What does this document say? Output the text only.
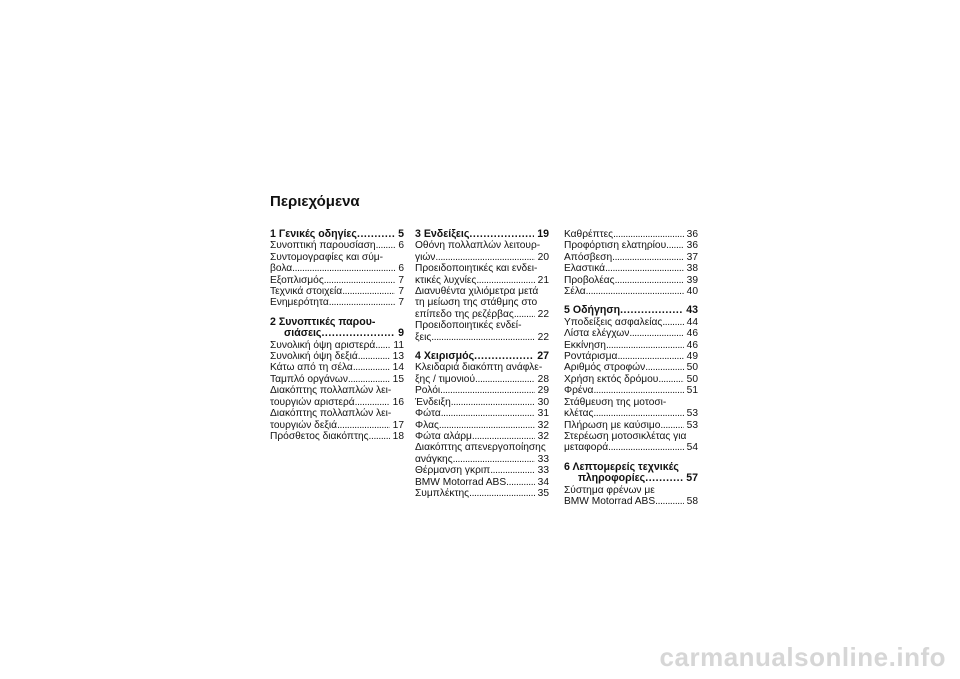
Περιεχόμενα
1 Γενικές οδηγίες . . .	5
Συνοπτική παρουσίαση . . . 6
Συντομογραφίες και σύμ-
βολα . . .	6
Εξοπλισμός . . .	7
Τεχνικά στοιχεία . . .	7
Ενημερότητα . . .	7
2 Συνοπτικές παρου-
σιάσεις . . .	9
Συνολική όψη αριστερά . . . 11
Συνολική όψη δεξιά . . .	13
Κάτω από τη σέλα . . .	14
Ταμπλό οργάνων . . .	15
Διακόπτης πολλαπλών λει-
τουργιών αριστερά . . .	16
Διακόπτης πολλαπλών λει-
τουργιών δεξιά . . .	17
Πρόσθετος διακόπτης . . . 18
3 Ενδείξεις . . .	19
Οθόνη πολλαπλών λειτουρ-
γιών . . .	20
Προειδοποιητικές και ενδει-
κτικές λυχνίες . . .	21
Διανυθέντα χιλιόμετρα μετά
τη μείωση της στάθμης στο
επίπεδο της ρεζέρβας . . . 22
Προειδοποιητικές ενδεί-
ξεις . . .	22
4 Χειρισμός . . .	27
Κλειδαριά διακόπτη ανάφλε-
ξης / τιμονιού . . .	28
Ρολόι . . .	29
Ένδειξη . . .	30
Φώτα . . .	31
Φλας . . .	32
Φώτα αλάρμ . . .	32
Διακόπτης απενεργοποίησης
ανάγκης . . .	33
Θέρμανση γκριπ . . .	33
BMW Motorrad ABS . . .	34
Συμπλέκτης . . .	35
Καθρέπτες . . .	36
Προφόρτιση ελατηρίου . . . 36
Απόσβεση . . .	37
Ελαστικά . . .	38
Προβολέας . . .	39
Σέλα . . .	40
5 Οδήγηση . . .	43
Υποδείξεις ασφαλείας . . . 44
Λίστα ελέγχων . . .	46
Εκκίνηση . . .	46
Ροντάρισμα . . .	49
Αριθμός στροφών . . .	50
Χρήση εκτός δρόμου . . .	50
Φρένα . . .	51
Στάθμευση της μοτοσι-
κλέτας . . .	53
Πλήρωση με καύσιμο . . .	53
Στερέωση μοτοσικλέτας για
μεταφορά . . .	54
6 Λεπτομερείς τεχνικές
πληροφορίες . . .	57
Σύστημα φρένων με
BMW Motorrad ABS . . .	58
carmanualsonline.info
